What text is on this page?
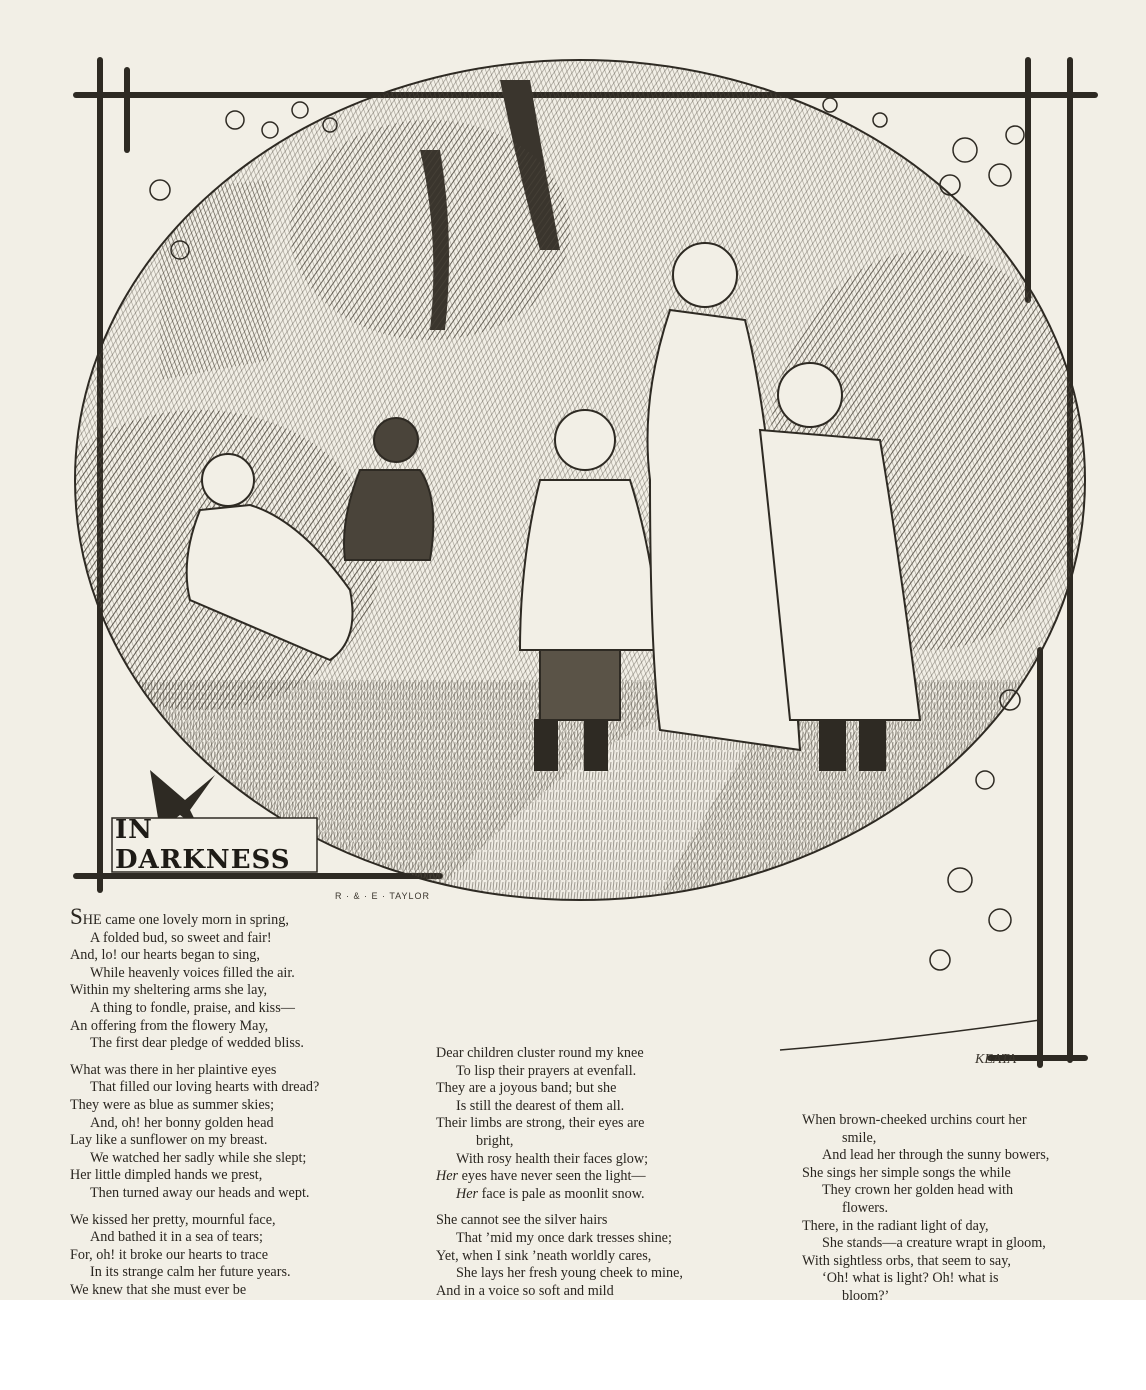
IN DARKNESS
R · & · E · TAYLOR
KEATA
SHE came one lovely morn in spring,
A folded bud, so sweet and fair!
And, lo! our hearts began to sing,
While heavenly voices filled the air.
Within my sheltering arms she lay,
A thing to fondle, praise, and kiss—
An offering from the flowery May,
The first dear pledge of wedded bliss.
What was there in her plaintive eyes
That filled our loving hearts with dread?
They were as blue as summer skies;
And, oh! her bonny golden head
Lay like a sunflower on my breast.
We watched her sadly while she slept;
Her little dimpled hands we prest,
Then turned away our heads and wept.
We kissed her pretty, mournful face,
And bathed it in a sea of tears;
For, oh! it broke our hearts to trace
In its strange calm her future years.
We knew that she must ever be
Dear children cluster round my knee
To lisp their prayers at evenfall.
They are a joyous band; but she
Is still the dearest of them all.
Their limbs are strong, their eyes are
bright,
With rosy health their faces glow;
Her eyes have never seen the light—
Her face is pale as moonlit snow.
She cannot see the silver hairs
That ’mid my once dark tresses shine;
Yet, when I sink ’neath worldly cares,
She lays her fresh young cheek to mine,
And in a voice so soft and mild
When brown-cheeked urchins court her
smile,
And lead her through the sunny bowers,
She sings her simple songs the while
They crown her golden head with
flowers.
There, in the radiant light of day,
She stands—a creature wrapt in gloom,
With sightless orbs, that seem to say,
‘Oh! what is light? Oh! what is
bloom?’
